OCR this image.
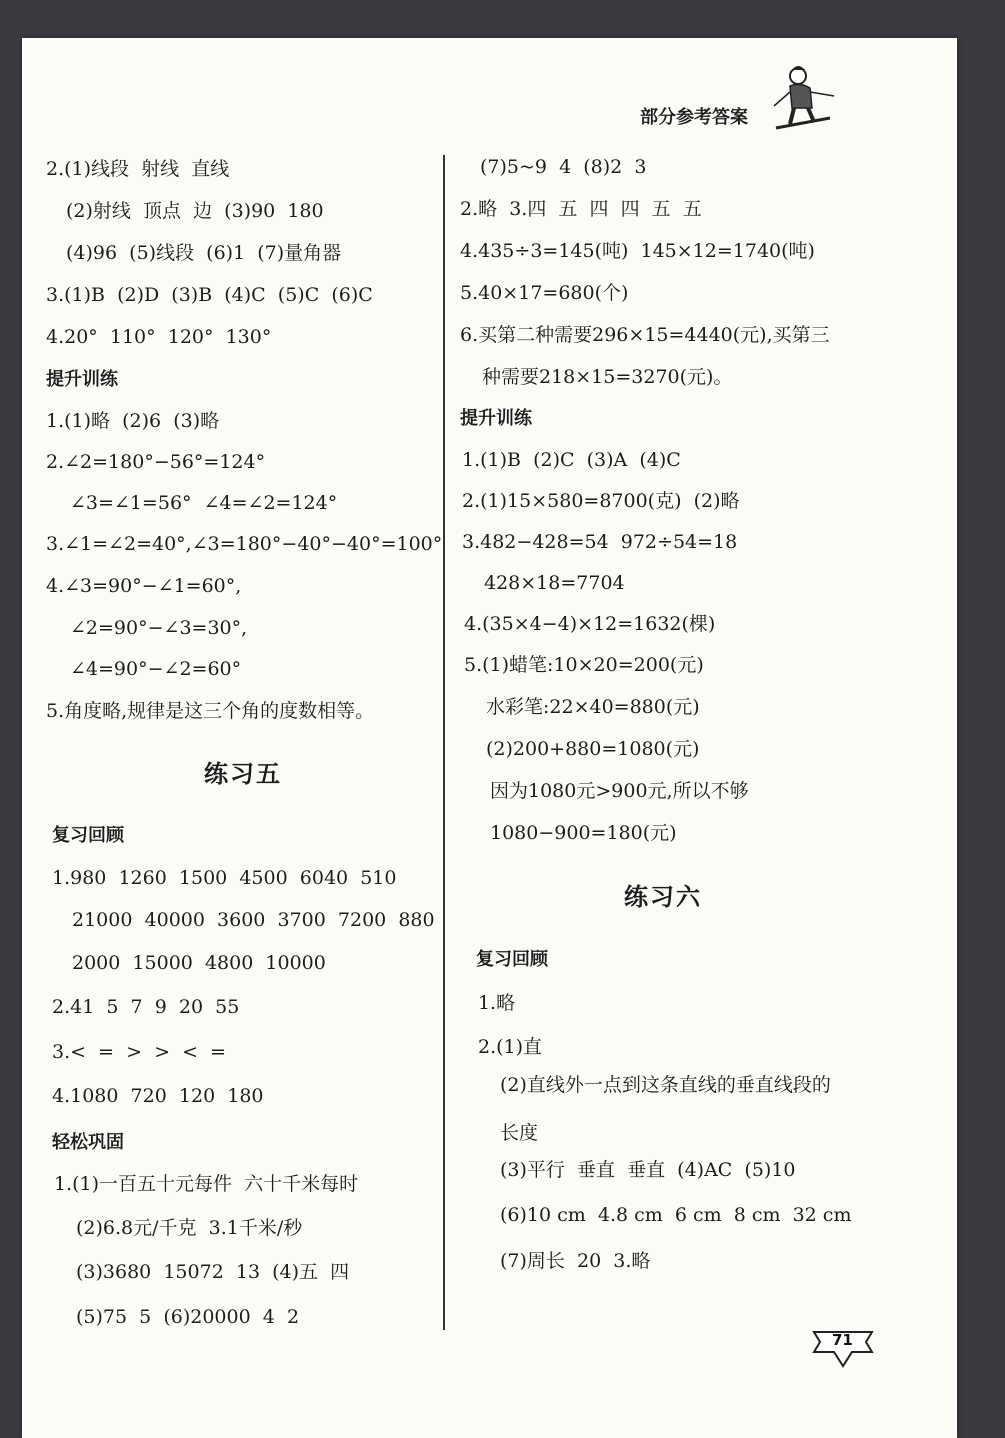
部分参考答案
2.(1)线段  射线  直线
(2)射线  顶点  边  (3)90  180
(4)96  (5)线段  (6)1  (7)量角器
3.(1)B  (2)D  (3)B  (4)C  (5)C  (6)C
4.20°  110°  120°  130°
提升训练
1.(1)略  (2)6  (3)略
2.∠2=180°−56°=124°
∠3=∠1=56°  ∠4=∠2=124°
3.∠1=∠2=40°,∠3=180°−40°−40°=100°
4.∠3=90°−∠1=60°,
∠2=90°−∠3=30°,
∠4=90°−∠2=60°
5.角度略,规律是这三个角的度数相等。
练习五
复习回顾
1.980  1260  1500  4500  6040  510
21000  40000  3600  3700  7200  880
2000  15000  4800  10000
2.41  5  7  9  20  55
3.<  =  >  >  <  =
4.1080  720  120  180
轻松巩固
1.(1)一百五十元每件  六十千米每时
(2)6.8元/千克  3.1千米/秒
(3)3680  15072  13  (4)五  四
(5)75  5  (6)20000  4  2
(7)5~9  4  (8)2  3
2.略  3.四  五  四  四  五  五
4.435÷3=145(吨)  145×12=1740(吨)
5.40×17=680(个)
6.买第二种需要296×15=4440(元),买第三
种需要218×15=3270(元)。
提升训练
1.(1)B  (2)C  (3)A  (4)C
2.(1)15×580=8700(克)  (2)略
3.482−428=54  972÷54=18
428×18=7704
4.(35×4−4)×12=1632(棵)
5.(1)蜡笔:10×20=200(元)
水彩笔:22×40=880(元)
(2)200+880=1080(元)
因为1080元>900元,所以不够
1080−900=180(元)
练习六
复习回顾
1.略
2.(1)直
(2)直线外一点到这条直线的垂直线段的
长度
(3)平行  垂直  垂直  (4)AC  (5)10
(6)10 cm  4.8 cm  6 cm  8 cm  32 cm
(7)周长  20  3.略
71
